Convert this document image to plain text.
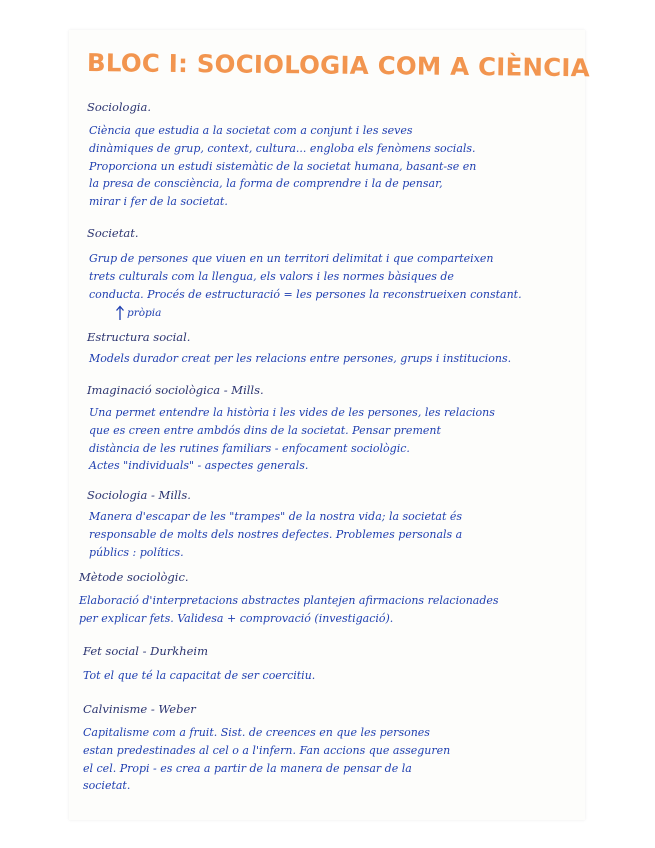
BLOC I: SOCIOLOGIA COM A CIÈNCIA
Sociologia.
Ciència que estudia a la societat com a conjunt i les seves
dinàmiques de grup, context, cultura... engloba els fenòmens socials.
Proporciona un estudi sistemàtic de la societat humana, basant-se en
la presa de consciència, la forma de comprendre i la de pensar,
mirar i fer de la societat.
Societat.
Grup de persones que viuen en un territori delimitat i que comparteixen
trets culturals com la llengua, els valors i les normes bàsiques de
conducta. Procés de estructuració = les persones la reconstrueixen constant.
pròpia
Estructura social.
Models durador creat per les relacions entre persones, grups i institucions.
Imaginació sociològica - Mills.
Una permet entendre la història i les vides de les persones, les relacions
que es creen entre ambdós dins de la societat. Pensar prement
distància de les rutines familiars - enfocament sociològic.
Actes "individuals" - aspectes generals.
Sociologia - Mills.
Manera d'escapar de les "trampes" de la nostra vida; la societat és
responsable de molts dels nostres defectes. Problemes personals a
públics : polítics.
Mètode sociològic.
Elaboració d'interpretacions abstractes plantejen afirmacions relacionades
per explicar fets. Validesa + comprovació (investigació).
Fet social - Durkheim
Tot el que té la capacitat de ser coercitiu.
Calvinisme - Weber
Capitalisme com a fruit. Sist. de creences en que les persones
estan predestinades al cel o a l'infern. Fan accions que asseguren
el cel. Propi - es crea a partir de la manera de pensar de la
societat.
